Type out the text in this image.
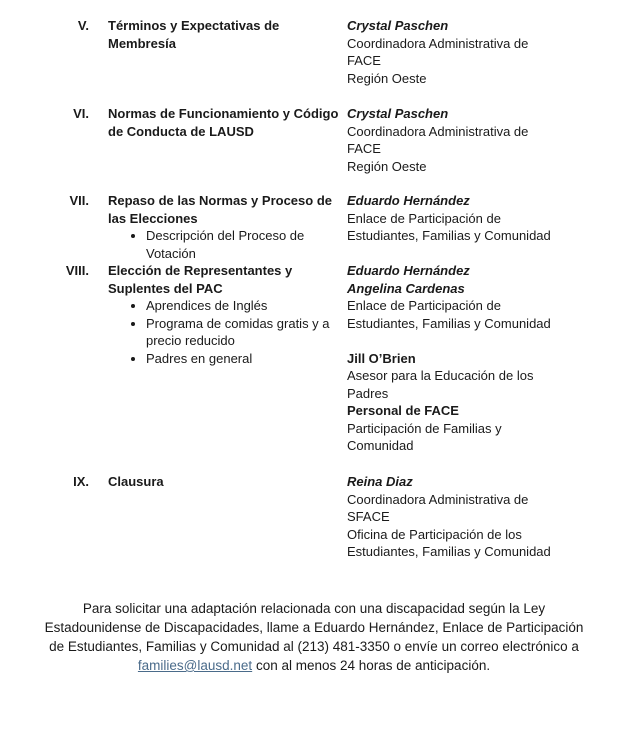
V. Términos y Expectativas de Membresía
Crystal Paschen
Coordinadora Administrativa de FACE
Región Oeste
VI. Normas de Funcionamiento y Código de Conducta de LAUSD
Crystal Paschen
Coordinadora Administrativa de FACE
Región Oeste
VII. Repaso de las Normas y Proceso de las Elecciones
• Descripción del Proceso de Votación
Eduardo Hernández
Enlace de Participación de Estudiantes, Familias y Comunidad
VIII. Elección de Representantes y Suplentes del PAC
• Aprendices de Inglés
• Programa de comidas gratis y a precio reducido
• Padres en general
Eduardo Hernández
Angelina Cardenas
Enlace de Participación de Estudiantes, Familias y Comunidad
Jill O’Brien
Asesor para la Educación de los Padres
Personal de FACE
Participación de Familias y Comunidad
IX. Clausura	Reina Diaz
Coordinadora Administrativa de SFACE
Oficina de Participación de los Estudiantes, Familias y Comunidad
Para solicitar una adaptación relacionada con una discapacidad según la Ley Estadounidense de Discapacidades, llame a Eduardo Hernández, Enlace de Participación de Estudiantes, Familias y Comunidad al (213) 481-3350 o envíe un correo electrónico a families@lausd.net con al menos 24 horas de anticipación.
